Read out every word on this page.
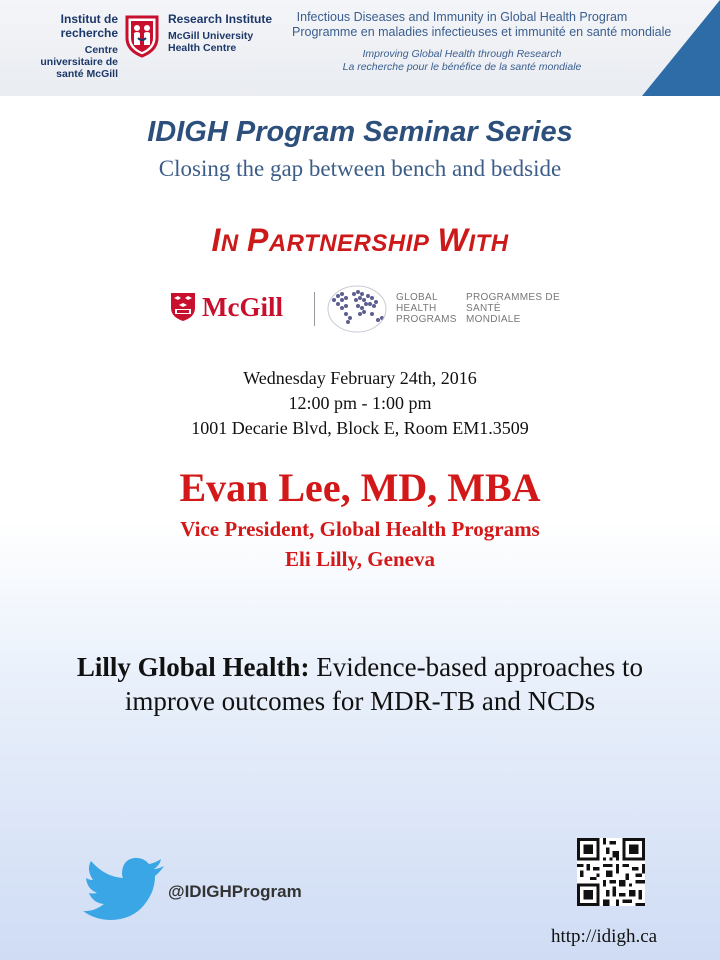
Institut de recherche
Centre universitaire de santé McGill
Research Institute
McGill University Health Centre
Infectious Diseases and Immunity in Global Health Program
Programme en maladies infectieuses et immunité en santé mondiale
Improving Global Health through Research
La recherche pour le bénéfice de la santé mondiale
IDIGH Program Seminar Series
Closing the gap between bench and bedside
IN PARTNERSHIP WITH
McGill	GLOBAL
HEALTH
PROGRAMS
PROGRAMMES DE
SANTÉ
MONDIALE
Wednesday February 24th, 2016
12:00 pm - 1:00 pm
1001 Decarie Blvd, Block E, Room EM1.3509
Evan Lee, MD, MBA
Vice President, Global Health Programs
Eli Lilly, Geneva
Lilly Global Health: Evidence-based approaches to
improve outcomes for MDR-TB and NCDs
@IDIGHProgram
http://idigh.ca
